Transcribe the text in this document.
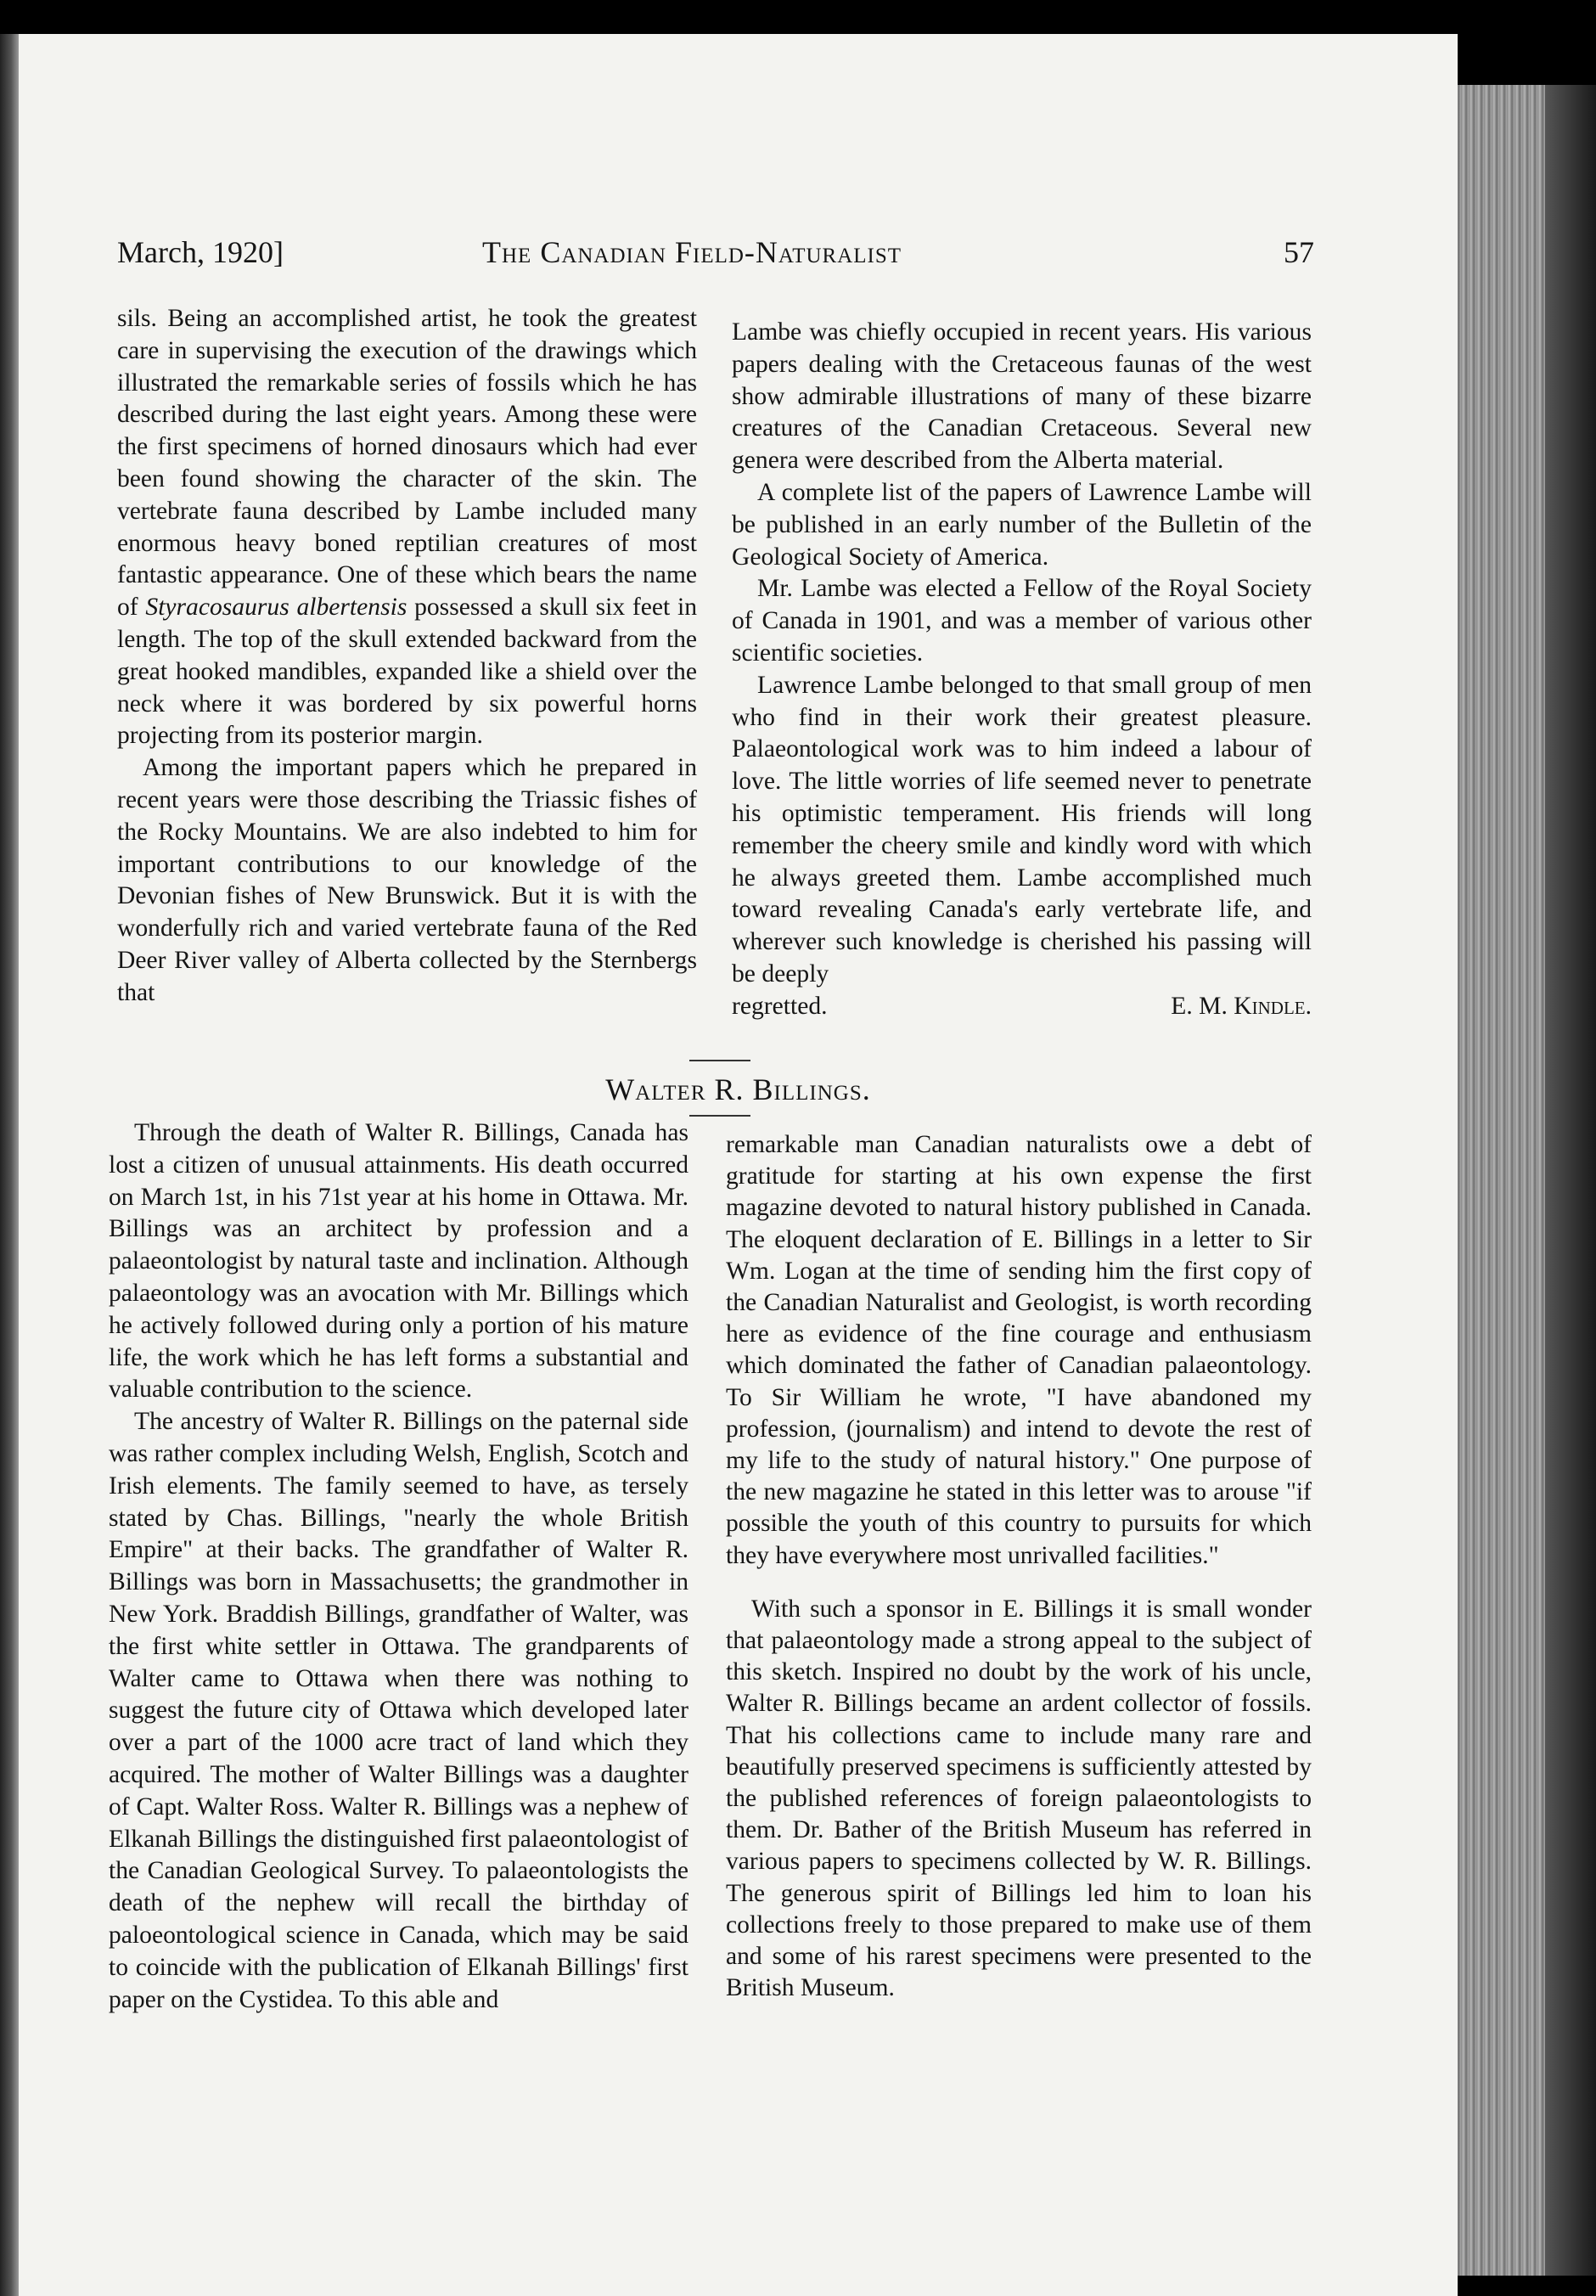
March, 1920]	The Canadian Field-Naturalist	57

sils. Being an accomplished artist, he took the greatest care in supervising the execution of the drawings which illustrated the remarkable series of fossils which he has described during the last eight years. Among these were the first specimens of horned dinosaurs which had ever been found showing the character of the skin. The vertebrate fauna described by Lambe included many enormous heavy boned reptilian creatures of most fantastic appearance. One of these which bears the name of Styracosaurus albertensis possessed a skull six feet in length. The top of the skull extended backward from the great hooked mandibles, expanded like a shield over the neck where it was bordered by six powerful horns projecting from its posterior margin.

Among the important papers which he prepared in recent years were those describing the Triassic fishes of the Rocky Mountains. We are also indebted to him for important contributions to our knowledge of the Devonian fishes of New Brunswick. But it is with the wonderfully rich and varied vertebrate fauna of the Red Deer River valley of Alberta collected by the Sternbergs that

Lambe was chiefly occupied in recent years. His various papers dealing with the Cretaceous faunas of the west show admirable illustrations of many of these bizarre creatures of the Canadian Cretaceous. Several new genera were described from the Alberta material.

A complete list of the papers of Lawrence Lambe will be published in an early number of the Bulletin of the Geological Society of America.

Mr. Lambe was elected a Fellow of the Royal Society of Canada in 1901, and was a member of various other scientific societies.

Lawrence Lambe belonged to that small group of men who find in their work their greatest pleasure. Palaeontological work was to him indeed a labour of love. The little worries of life seemed never to penetrate his optimistic temperament. His friends will long remember the cheery smile and kindly word with which he always greeted them. Lambe accomplished much toward revealing Canada's early vertebrate life, and wherever such knowledge is cherished his passing will be deeply

regretted.	E. M. Kindle.
Walter R. Billings.

Through the death of Walter R. Billings, Canada has lost a citizen of unusual attainments. His death occurred on March 1st, in his 71st year at his home in Ottawa. Mr. Billings was an architect by profession and a palaeontologist by natural taste and inclination. Although palaeontology was an avocation with Mr. Billings which he actively followed during only a portion of his mature life, the work which he has left forms a substantial and valuable contribution to the science.

The ancestry of Walter R. Billings on the paternal side was rather complex including Welsh, English, Scotch and Irish elements. The family seemed to have, as tersely stated by Chas. Billings, "nearly the whole British Empire" at their backs. The grandfather of Walter R. Billings was born in Massachusetts; the grandmother in New York. Braddish Billings, grandfather of Walter, was the first white settler in Ottawa. The grandparents of Walter came to Ottawa when there was nothing to suggest the future city of Ottawa which developed later over a part of the 1000 acre tract of land which they acquired. The mother of Walter Billings was a daughter of Capt. Walter Ross. Walter R. Billings was a nephew of Elkanah Billings the distinguished first palaeontologist of the Canadian Geological Survey. To palaeontologists the death of the nephew will recall the birthday of paloeontological science in Canada, which may be said to coincide with the publication of Elkanah Billings' first paper on the Cystidea. To this able and

remarkable man Canadian naturalists owe a debt of gratitude for starting at his own expense the first magazine devoted to natural history published in Canada. The eloquent declaration of E. Billings in a letter to Sir Wm. Logan at the time of sending him the first copy of the Canadian Naturalist and Geologist, is worth recording here as evidence of the fine courage and enthusiasm which dominated the father of Canadian palaeontology. To Sir William he wrote, "I have abandoned my profession, (journalism) and intend to devote the rest of my life to the study of natural history." One purpose of the new magazine he stated in this letter was to arouse "if possible the youth of this country to pursuits for which they have everywhere most unrivalled facilities."

With such a sponsor in E. Billings it is small wonder that palaeontology made a strong appeal to the subject of this sketch. Inspired no doubt by the work of his uncle, Walter R. Billings became an ardent collector of fossils. That his collections came to include many rare and beautifully preserved specimens is sufficiently attested by the published references of foreign palaeontologists to them. Dr. Bather of the British Museum has referred in various papers to specimens collected by W. R. Billings. The generous spirit of Billings led him to loan his collections freely to those prepared to make use of them and some of his rarest specimens were presented to the British Museum.
